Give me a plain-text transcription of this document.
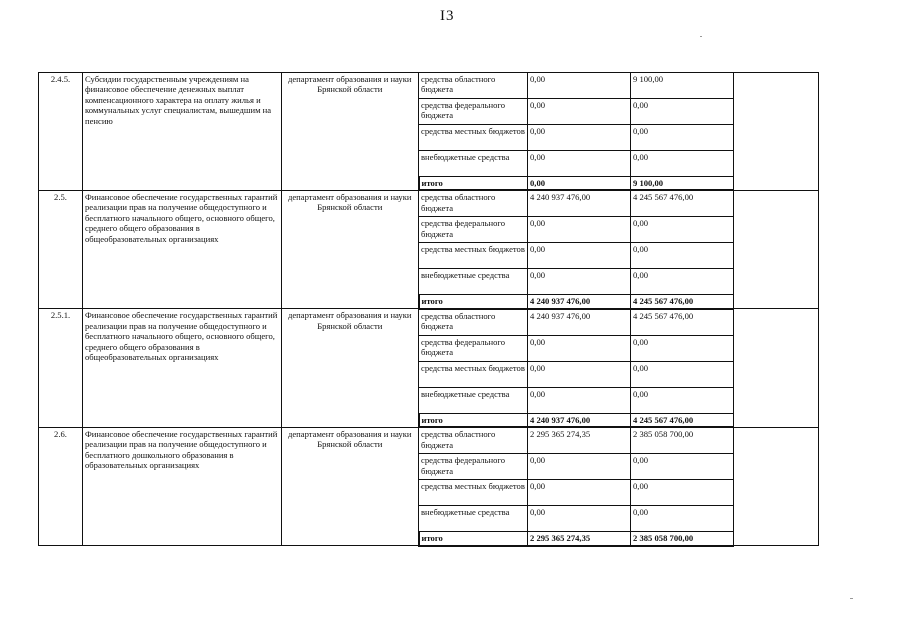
I3
2.4.5.	Субсидии государственным учреждениям на финансовое обеспечение денежных выплат компенсационного характера на оплату жилья и коммунальных услуг специалистам, вышедшим на пенсию	департамент образования и науки Брянской области	средства областного бюджета	0,00	9 100,00	
			средства федерального бюджета	0,00	0,00	
			средства местных бюджетов	0,00	0,00	
			внебюджетные средства	0,00	0,00	
			итого	0,00	9 100,00	
2.5.	Финансовое обеспечение государственных гарантий реализации прав на получение общедоступного и бесплатного начального общего, основного общего, среднего общего образования в общеобразовательных организациях	департамент образования и науки Брянской области	средства областного бюджета	4 240 937 476,00	4 245 567 476,00	
			средства федерального бюджета	0,00	0,00	
			средства местных бюджетов	0,00	0,00	
			внебюджетные средства	0,00	0,00	
			итого	4 240 937 476,00	4 245 567 476,00	
2.5.1.	Финансовое обеспечение государственных гарантий реализации прав на получение общедоступного и бесплатного начального общего, основного общего, среднего общего образования в общеобразовательных организациях	департамент образования и науки Брянской области	средства областного бюджета	4 240 937 476,00	4 245 567 476,00	
			средства федерального бюджета	0,00	0,00	
			средства местных бюджетов	0,00	0,00	
			внебюджетные средства	0,00	0,00	
			итого	4 240 937 476,00	4 245 567 476,00	
2.6.	Финансовое обеспечение государственных гарантий реализации прав на получение общедоступного и бесплатного дошкольного образования в образовательных организациях	департамент образования и науки Брянской области	средства областного бюджета	2 295 365 274,35	2 385 058 700,00	
			средства федерального бюджета	0,00	0,00	
			средства местных бюджетов	0,00	0,00	
			внебюджетные средства	0,00	0,00	
			итого	2 295 365 274,35	2 385 058 700,00	
